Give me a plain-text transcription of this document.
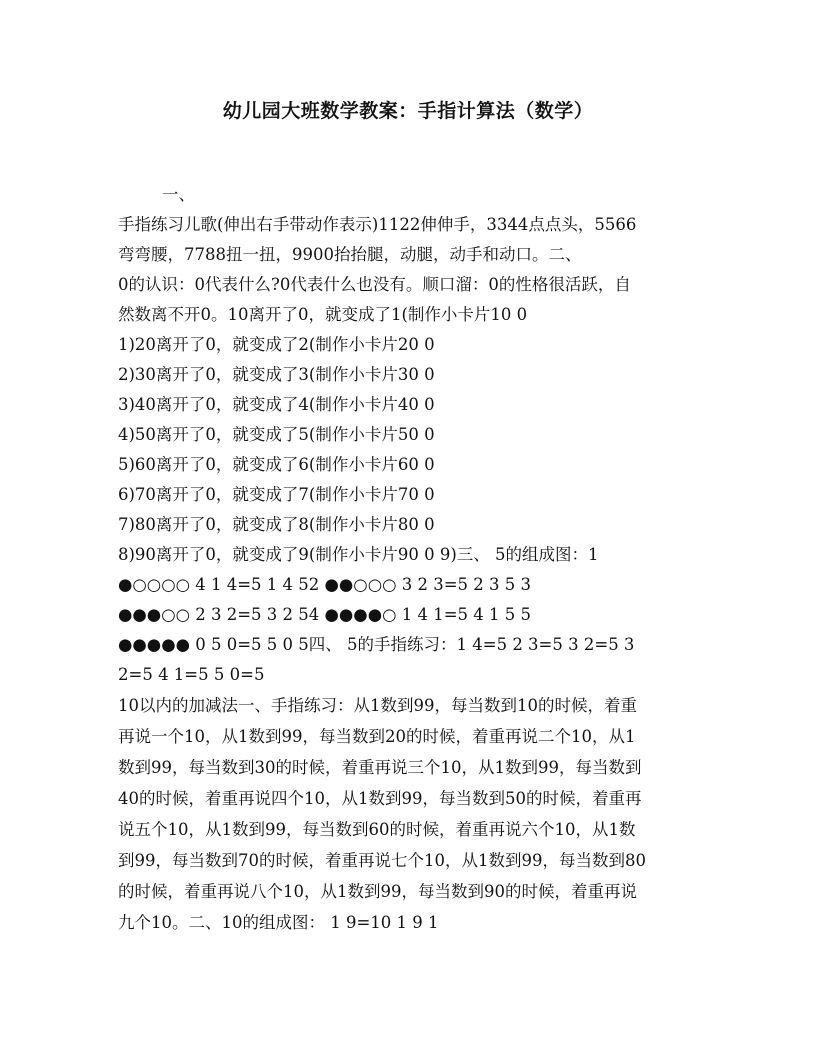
幼儿园大班数学教案：手指计算法（数学）
一、
手指练习儿歌(伸出右手带动作表示)1122伸伸手，3344点点头，5566
弯弯腰，7788扭一扭，9900抬抬腿，动腿，动手和动口。二、
0的认识：0代表什么?0代表什么也没有。顺口溜：0的性格很活跃，自
然数离不开0。10离开了0，就变成了1(制作小卡片10 0
1)20离开了0，就变成了2(制作小卡片20 0
2)30离开了0，就变成了3(制作小卡片30 0
3)40离开了0，就变成了4(制作小卡片40 0
4)50离开了0，就变成了5(制作小卡片50 0
5)60离开了0，就变成了6(制作小卡片60 0
6)70离开了0，就变成了7(制作小卡片70 0
7)80离开了0，就变成了8(制作小卡片80 0
8)90离开了0，就变成了9(制作小卡片90 0 9)三、 5的组成图：1
●○○○○ 4 1 4=5 1 4 52 ●●○○○ 3 2 3=5 2 3 5 3
●●●○○ 2 3 2=5 3 2 54 ●●●●○ 1 4 1=5 4 1 5 5
●●●●● 0 5 0=5 5 0 5四、 5的手指练习：1 4=5 2 3=5 3 2=5 3
2=5 4 1=5 5 0=5
10以内的加减法一、手指练习：从1数到99，每当数到10的时候，着重
再说一个10，从1数到99，每当数到20的时候，着重再说二个10，从1
数到99，每当数到30的时候，着重再说三个10，从1数到99，每当数到
40的时候，着重再说四个10，从1数到99，每当数到50的时候，着重再
说五个10，从1数到99，每当数到60的时候，着重再说六个10，从1数
到99，每当数到70的时候，着重再说七个10，从1数到99，每当数到80
的时候，着重再说八个10，从1数到99，每当数到90的时候，着重再说
九个10。二、10的组成图： 1 9=10 1 9 1
